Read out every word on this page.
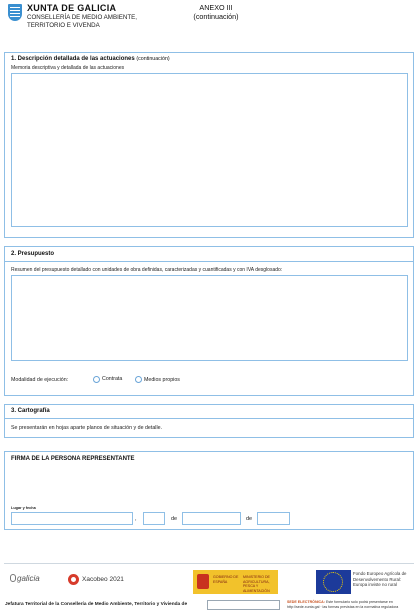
XUNTA DE GALICIA
CONSELLERÍA DE MEDIO AMBIENTE,
TERRITORIO E VIVENDA
ANEXO III
(continuación)
1. Descripción detallada de las actuaciones (continuación)
Memoria descriptiva y detallada de las actuaciones
2. Presupuesto
Resumen del presupuesto detallado con unidades de obra definidas, caracterizadas y cuantificadas y con IVA desglosado:
Modalidad de ejecución:	Contrata	Medios propios
3. Cartografía
Se presentarán en hojas aparte planos de situación y de detalle.
FIRMA DE LA PERSONA REPRESENTANTE
Lugar y fecha
,	de	de
galicia	Xacobeo 2021	GOBIERNO DE ESPAÑA
MINISTERIO DE AGRICULTURA, PESCA Y ALIMENTACIÓN
Fondo Europeo Agrícola de Desenvolvemento Rural: Europa inviste no rural
Jefatura Territorial de la Consellería de Medio Ambiente, Territorio y Vivienda de	SEDE ELECTRÓNICA: Este formulario solo podrá presentarse en http://sede.xunta.gal · las formas previstas en la normativa reguladora
